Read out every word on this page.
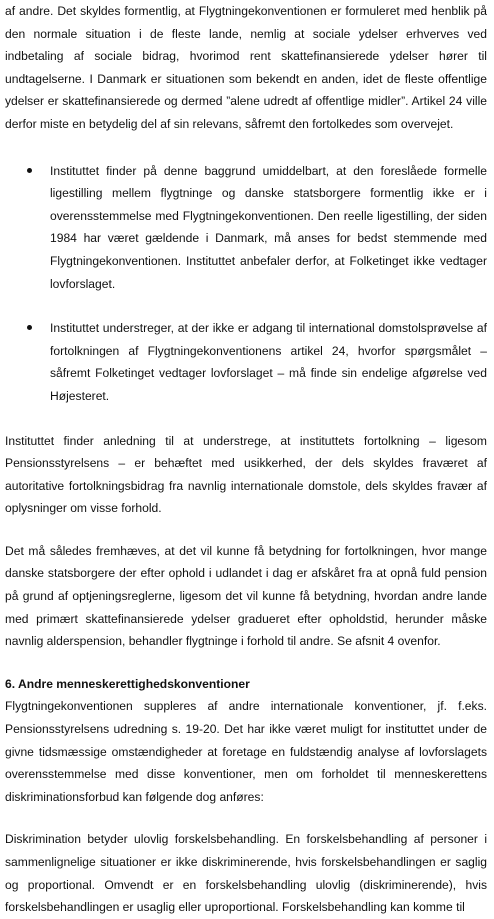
af andre. Det skyldes formentlig, at Flygtningekonventionen er formuleret med henblik på den normale situation i de fleste lande, nemlig at sociale ydelser erhverves ved indbetaling af sociale bidrag, hvorimod rent skattefinansierede ydelser hører til undtagelserne. I Danmark er situationen som bekendt en anden, idet de fleste offentlige ydelser er skattefinansierede og dermed ”alene udredt af offentlige midler”. Artikel 24 ville derfor miste en betydelig del af sin relevans, såfremt den fortolkedes som overvejet.

Instituttet finder på denne baggrund umiddelbart, at den foreslåede formelle ligestilling mellem flygtninge og danske statsborgere formentlig ikke er i overensstemmelse med Flygtningekonventionen. Den reelle ligestilling, der siden 1984 har været gældende i Danmark, må anses for bedst stemmende med Flygtningekonventionen. Instituttet anbefaler derfor, at Folketinget ikke vedtager lovforslaget.

Instituttet understreger, at der ikke er adgang til international domstolsprøvelse af fortolkningen af Flygtningekonventionens artikel 24, hvorfor spørgsmålet – såfremt Folketinget vedtager lovforslaget – må finde sin endelige afgørelse ved Højesteret.

Instituttet finder anledning til at understrege, at instituttets fortolkning – ligesom Pensionsstyrelsens – er behæftet med usikkerhed, der dels skyldes fraværet af autoritative fortolkningsbidrag fra navnlig internationale domstole, dels skyldes fravær af oplysninger om visse forhold.

Det må således fremhæves, at det vil kunne få betydning for fortolkningen, hvor mange danske statsborgere der efter ophold i udlandet i dag er afskåret fra at opnå fuld pension på grund af optjeningsreglerne, ligesom det vil kunne få betydning, hvordan andre lande med primært skattefinansierede ydelser gradueret efter opholdstid, herunder måske navnlig alderspension, behandler flygtninge i forhold til andre. Se afsnit 4 ovenfor.

6. Andre menneskerettighedskonventioner

Flygtningekonventionen suppleres af andre internationale konventioner, jf. f.eks. Pensionsstyrelsens udredning s. 19-20. Det har ikke været muligt for instituttet under de givne tidsmæssige omstændigheder at foretage en fuldstændig analyse af lovforslagets overensstemmelse med disse konventioner, men om forholdet til menneskerettens diskriminationsforbud kan følgende dog anføres:

Diskrimination betyder ulovlig forskelsbehandling. En forskelsbehandling af personer i sammenlignelige situationer er ikke diskriminerende, hvis forskelsbehandlingen er saglig og proportional. Omvendt er en forskelsbehandling ulovlig (diskriminerende), hvis forskelsbehandlingen er usaglig eller uproportional. Forskelsbehandling kan komme til
